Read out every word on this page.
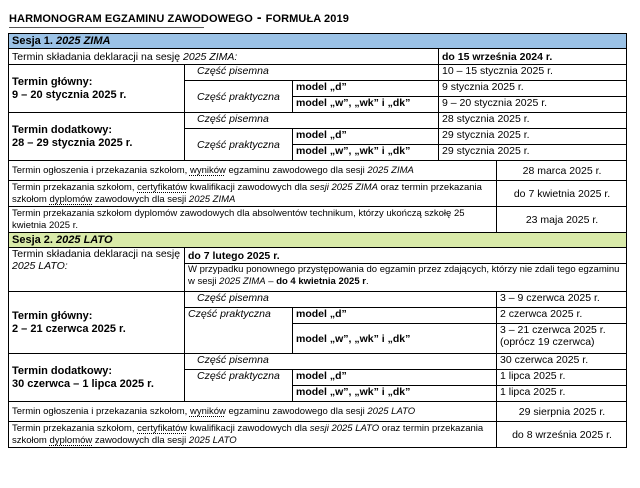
HARMONOGRAM EGZAMINU ZAWODOWEGO - FORMUŁA 2019
Sesja 1. 2025 ZIMA				
Termin składania deklaracji na sesję 2025 ZIMA:			do 15 września 2024 r.	

Termin główny:
9 – 20 stycznia 2025 r.	Część pisemna		10 – 15 stycznia 2025 r.	
	Część praktyczna	model „d”	9 stycznia 2025 r.	
		model „w”, „wk” i „dk”	9 – 20 stycznia 2025 r.	

Termin dodatkowy:
28 – 29 stycznia 2025 r.	Część pisemna		28 stycznia 2025 r.	
	Część praktyczna	model „d”	29 stycznia 2025 r.	
		model „w”, „wk” i „dk”	29 stycznia 2025 r.	
Termin ogłoszenia i przekazania szkołom, wyników egzaminu zawodowego dla sesji 2025 ZIMA				28 marca 2025 r.
Termin przekazania szkołom, certyfikatów kwalifikacji zawodowych dla sesji 2025 ZIMA oraz termin przekazania szkołom dyplomów zawodowych dla sesji 2025 ZIMA				do 7 kwietnia 2025 r.
Termin przekazania szkołom dyplomów zawodowych dla absolwentów technikum, którzy ukończą szkołę 25 kwietnia 2025 r.				23 maja 2025 r.
Sesja 2. 2025 LATO				
Termin składania deklaracji na sesję 2025 LATO:	do 7 lutego 2025 r.			
	W przypadku ponownego przystępowania do egzamin przez zdających, którzy nie zdali tego egzaminu w sesji 2025 ZIMA – do 4 kwietnia 2025 r.			

Termin główny:
2 – 21 czerwca 2025 r.	Część pisemna			3 – 9 czerwca 2025 r.
	Część praktyczna	model „d”		2 czerwca 2025 r.
		model „w”, „wk” i „dk”		3 – 21 czerwca 2025 r.
(oprócz 19 czerwca)

Termin dodatkowy:
30 czerwca – 1 lipca 2025 r.	Część pisemna			30 czerwca 2025 r.
	Część praktyczna	model „d”		1 lipca 2025 r.
		model „w”, „wk” i „dk”		1 lipca 2025 r.
Termin ogłoszenia i przekazania szkołom, wyników egzaminu zawodowego dla sesji 2025 LATO				29 sierpnia 2025 r.
Termin przekazania szkołom, certyfikatów kwalifikacji zawodowych dla sesji 2025 LATO oraz termin przekazania szkołom dyplomów zawodowych dla sesji 2025 LATO				do 8 września 2025 r.
